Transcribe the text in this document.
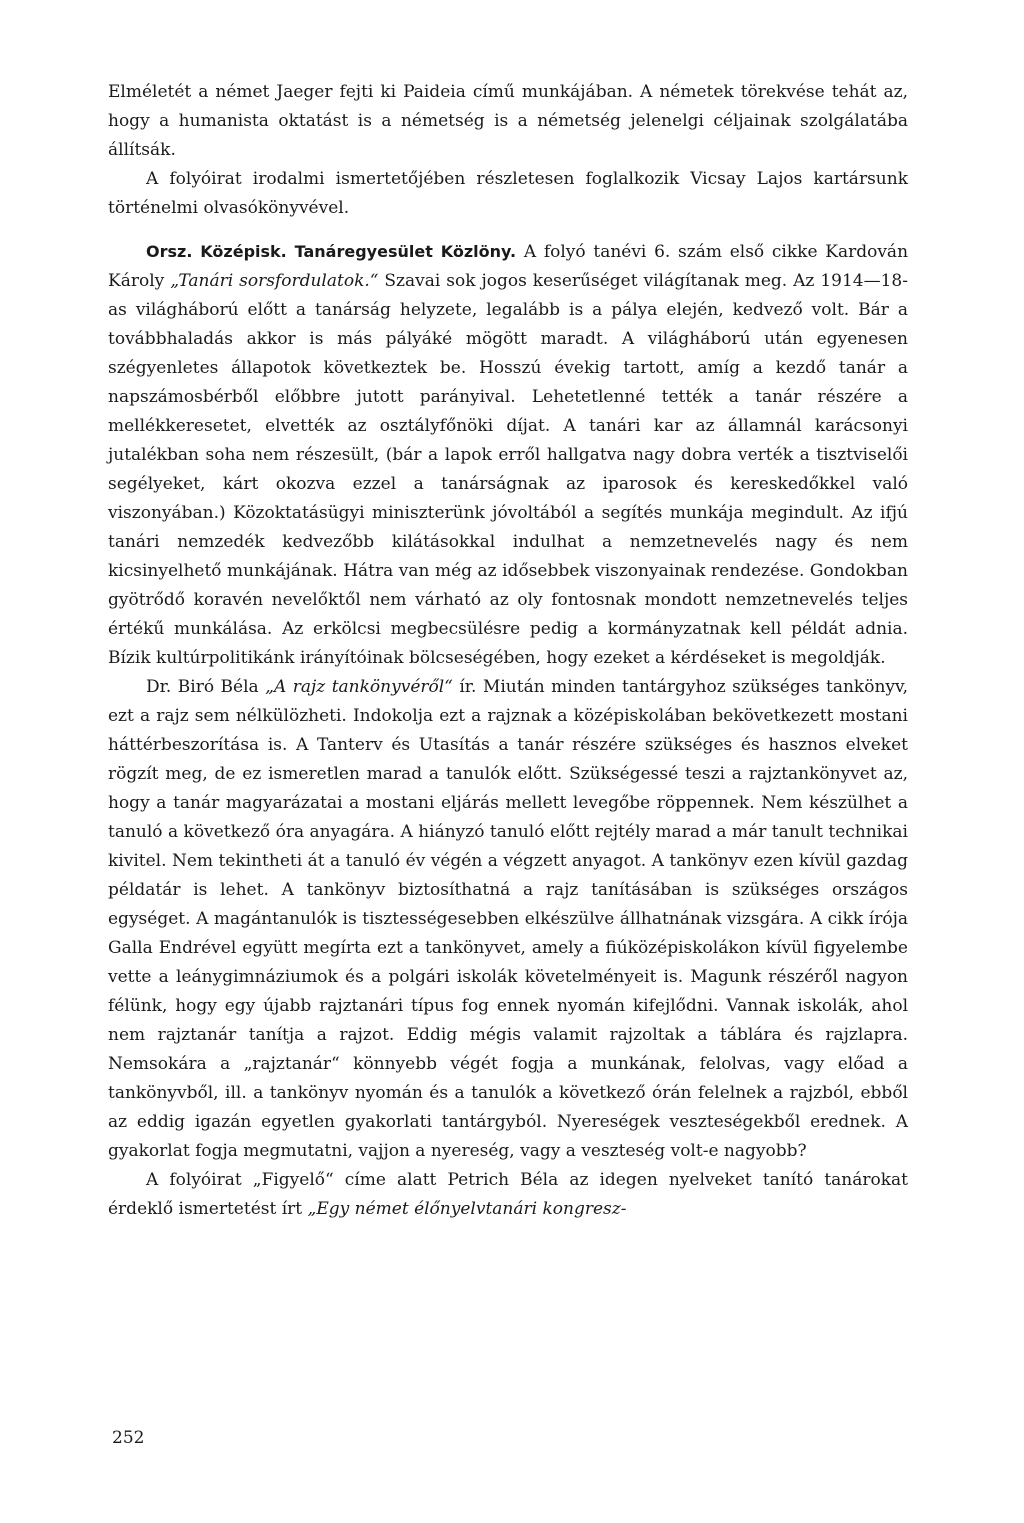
Elméletét a német Jaeger fejti ki Paideia című munkájában. A németek törekvése tehát az, hogy a humanista oktatást is a németség is a németség jelenelgi céljainak szolgálatába állítsák.

A folyóirat irodalmi ismertetőjében részletesen foglalkozik Vicsay Lajos kartársunk történelmi olvasókönyvével.

Orsz. Középisk. Tanáregyesület Közlöny. A folyó tanévi 6. szám első cikke Kardován Károly „Tanári sorsfordulatok.“ Szavai sok jogos keserűséget világítanak meg. Az 1914—18-as világháború előtt a tanárság helyzete, legalább is a pálya elején, kedvező volt. Bár a továbbhaladás akkor is más pályáké mögött maradt. A világháború után egyenesen szégyenletes állapotok következtek be. Hosszú évekig tartott, amíg a kezdő tanár a napszámosbérből előbbre jutott parányival. Lehetetlenné tették a tanár részére a mellékkeresetet, elvették az osztályfőnöki díjat. A tanári kar az államnál karácsonyi jutalékban soha nem részesült, (bár a lapok erről hallgatva nagy dobra verték a tisztviselői segélyeket, kárt okozva ezzel a tanárságnak az iparosok és kereskedőkkel való viszonyában.) Közoktatásügyi miniszterünk jóvoltából a segítés munkája megindult. Az ifjú tanári nemzedék kedvezőbb kilátásokkal indulhat a nemzetnevelés nagy és nem kicsinyelhető munkájának. Hátra van még az idősebbek viszonyainak rendezése. Gondokban gyötrődő koravén nevelőktől nem várható az oly fontosnak mondott nemzetnevelés teljes értékű munkálása. Az erkölcsi megbecsülésre pedig a kormányzatnak kell példát adnia. Bízik kultúrpolitikánk irányítóinak bölcseségében, hogy ezeket a kérdéseket is megoldják.

Dr. Biró Béla „A rajz tankönyvéről“ ír. Miután minden tantárgyhoz szükséges tankönyv, ezt a rajz sem nélkülözheti. Indokolja ezt a rajznak a középiskolában bekövetkezett mostani háttérbeszorítása is. A Tanterv és Utasítás a tanár részére szükséges és hasznos elveket rögzít meg, de ez ismeretlen marad a tanulók előtt. Szükségessé teszi a rajztankönyvet az, hogy a tanár magyarázatai a mostani eljárás mellett levegőbe röppennek. Nem készülhet a tanuló a következő óra anyagára. A hiányzó tanuló előtt rejtély marad a már tanult technikai kivitel. Nem tekintheti át a tanuló év végén a végzett anyagot. A tankönyv ezen kívül gazdag példatár is lehet. A tankönyv biztosíthatná a rajz tanításában is szükséges országos egységet. A magántanulók is tisztességesebben elkészülve állhatnának vizsgára. A cikk írója Galla Endrével együtt megírta ezt a tankönyvet, amely a fiúközépiskolákon kívül figyelembe vette a leánygimnáziumok és a polgári iskolák követelményeit is. Magunk részéről nagyon félünk, hogy egy újabb rajztanári típus fog ennek nyomán kifejlődni. Vannak iskolák, ahol nem rajztanár tanítja a rajzot. Eddig mégis valamit rajzoltak a táblára és rajzlapra. Nemsokára a „rajztanár“ könnyebb végét fogja a munkának, felolvas, vagy előad a tankönyvből, ill. a tankönyv nyomán és a tanulók a következő órán felelnek a rajzból, ebből az eddig igazán egyetlen gyakorlati tantárgyból. Nyereségek veszteségekből erednek. A gyakorlat fogja megmutatni, vajjon a nyereség, vagy a veszteség volt-e nagyobb?

A folyóirat „Figyelő“ címe alatt Petrich Béla az idegen nyelveket tanító tanárokat érdeklő ismertetést írt „Egy német élőnyelvtanári kongresz-

252
